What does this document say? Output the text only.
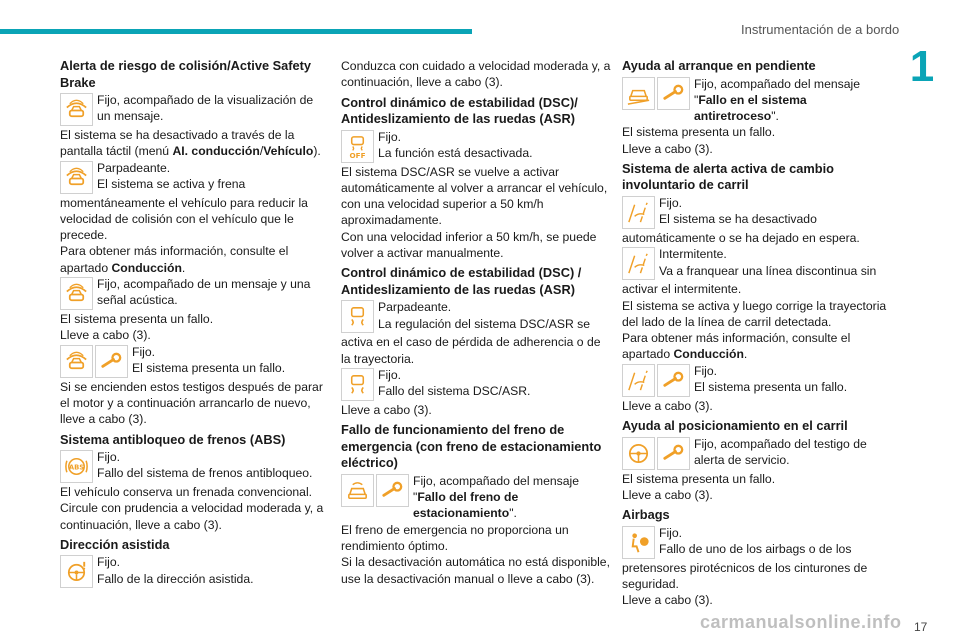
Instrumentación de a bordo
1
Alerta de riesgo de colisión/Active Safety Brake
Fijo, acompañado de la visualización de
un mensaje.
El sistema se ha desactivado a través de la pantalla táctil (menú AI. conducción/Vehículo).
Parpadeante.
El sistema se activa y frena
momentáneamente el vehículo para reducir la velocidad de colisión con el vehículo que le precede.
Para obtener más información, consulte el apartado Conducción.
Fijo, acompañado de un mensaje y una
señal acústica.
El sistema presenta un fallo.
Lleve a cabo (3).
Fijo.
El sistema presenta un fallo.
Si se encienden estos testigos después de parar el motor y a continuación arrancarlo de nuevo, lleve a cabo (3).
Sistema antibloqueo de frenos (ABS)
ABS
Fijo.
Fallo del sistema de frenos antibloqueo.
El vehículo conserva un frenada convencional.
Circule con prudencia a velocidad moderada y, a continuación, lleve a cabo (3).
Dirección asistida
Fijo.
Fallo de la dirección asistida.
Conduzca con cuidado a velocidad moderada y, a continuación, lleve a cabo (3).
Control dinámico de estabilidad (DSC)/ Antideslizamiento de las ruedas (ASR)
OFF
Fijo.
La función está desactivada.
El sistema DSC/ASR se vuelve a activar automáticamente al volver a arrancar el vehículo, con una velocidad superior a 50 km/h aproximadamente.
Con una velocidad inferior a 50 km/h, se puede volver a activar manualmente.
Control dinámico de estabilidad (DSC) / Antideslizamiento de las ruedas (ASR)
Parpadeante.
La regulación del sistema DSC/ASR se
activa en el caso de pérdida de adherencia o de la trayectoria.
Fijo.
Fallo del sistema DSC/ASR.
Lleve a cabo (3).
Fallo de funcionamiento del freno de emergencia (con freno de estacionamiento eléctrico)
Fijo, acompañado del mensaje
"Fallo del freno de estacionamiento".
El freno de emergencia no proporciona un rendimiento óptimo.
Si la desactivación automática no está disponible, use la desactivación manual o lleve a cabo (3).
Ayuda al arranque en pendiente
Fijo, acompañado del mensaje
"Fallo en el sistema antiretroceso".
El sistema presenta un fallo.
Lleve a cabo (3).
Sistema de alerta activa de cambio involuntario de carril
Fijo.
El sistema se ha desactivado
automáticamente o se ha dejado en espera.
Intermitente.
Va a franquear una línea discontinua sin
activar el intermitente.
El sistema se activa y luego corrige la trayectoria del lado de la línea de carril detectada.
Para obtener más información, consulte el apartado Conducción.
Fijo.
El sistema presenta un fallo.
Lleve a cabo (3).
Ayuda al posicionamiento en el carril
Fijo, acompañado del testigo de
alerta de servicio.
El sistema presenta un fallo.
Lleve a cabo (3).
Airbags
Fijo.
Fallo de uno de los airbags o de los
pretensores pirotécnicos de los cinturones de seguridad.
Lleve a cabo (3).
carmanualsonline.info 17
